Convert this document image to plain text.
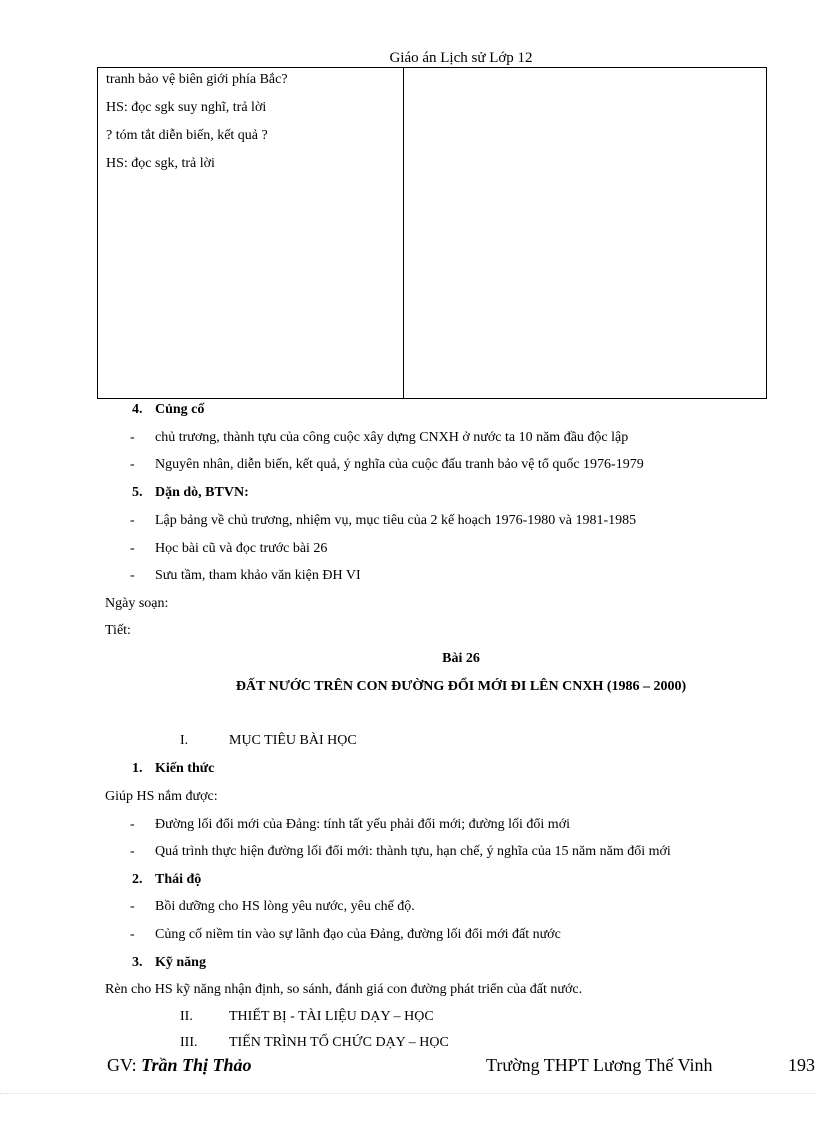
Giáo án Lịch sử Lớp 12
tranh bảo vệ biên giới phía Bắc?
HS: đọc sgk suy nghĩ, trả lời
? tóm tắt diễn biến, kết quả ?
HS: đọc sgk, trả lời
4. Củng cố
- chủ trương, thành tựu của công cuộc xây dựng CNXH ở nước ta 10 năm đầu độc lập
- Nguyên nhân, diễn biến, kết quả, ý nghĩa của cuộc đấu tranh bảo vệ tổ quốc 1976-1979
5. Dặn dò, BTVN:
- Lập bảng về chủ trương, nhiệm vụ, mục tiêu của 2 kế hoạch 1976-1980 và 1981-1985
- Học bài cũ và đọc trước bài 26
- Sưu tầm, tham khảo văn kiện ĐH VI
Ngày soạn:
Tiết:
Bài 26
ĐẤT NƯỚC TRÊN CON ĐƯỜNG ĐỔI MỚI ĐI LÊN CNXH (1986 – 2000)
I.	MỤC TIÊU BÀI HỌC
1. Kiến thức
Giúp HS nắm được:
- Đường lối đổi mới của Đảng: tính tất yếu phải đổi mới; đường lối đổi mới
- Quá trình thực hiện đường lối đổi mới: thành tựu, hạn chế, ý nghĩa của 15 năm năm đổi mới
2. Thái độ
- Bồi dưỡng cho HS lòng yêu nước, yêu chế độ.
- Củng cố niềm tin vào sự lãnh đạo của Đảng, đường lối đổi mới đất nước
3. Kỹ năng
Rèn cho HS kỹ năng nhận định, so sánh, đánh giá con đường phát triển của đất nước.
II.	THIẾT BỊ - TÀI LIỆU DẠY – HỌC
III. TIẾN TRÌNH TỔ CHỨC DẠY – HỌC
GV: Trần Thị Thảo	Trường THPT Lương Thế Vinh	193
